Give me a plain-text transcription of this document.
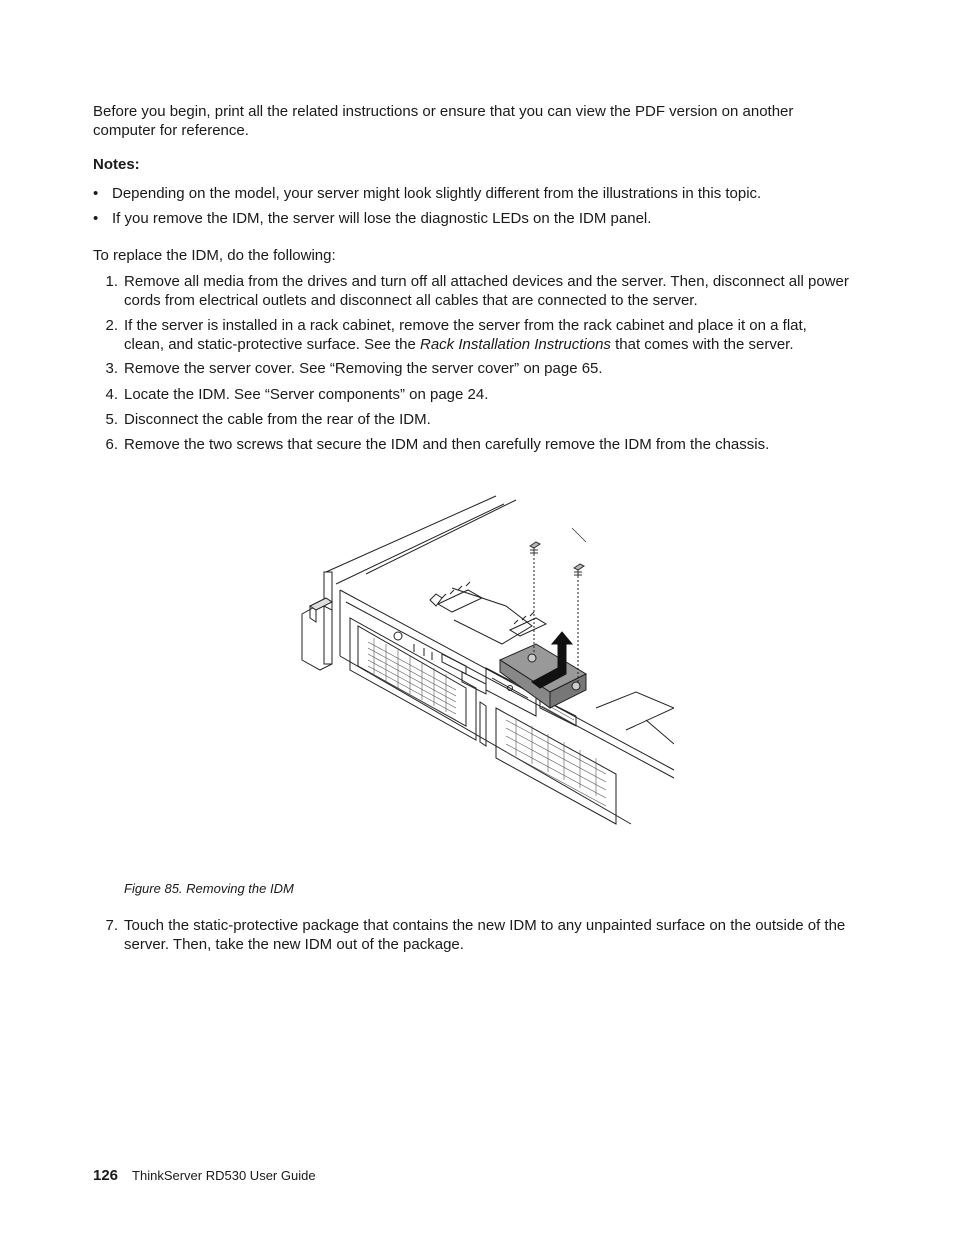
Before you begin, print all the related instructions or ensure that you can view the PDF version on another computer for reference.

Notes:

• Depending on the model, your server might look slightly different from the illustrations in this topic.
• If you remove the IDM, the server will lose the diagnostic LEDs on the IDM panel.

To replace the IDM, do the following:

1. Remove all media from the drives and turn off all attached devices and the server. Then, disconnect all power cords from electrical outlets and disconnect all cables that are connected to the server.
2. If the server is installed in a rack cabinet, remove the server from the rack cabinet and place it on a flat, clean, and static-protective surface. See the Rack Installation Instructions that comes with the server.
3. Remove the server cover. See “Removing the server cover” on page 65.
4. Locate the IDM. See “Server components” on page 24.
5. Disconnect the cable from the rear of the IDM.
6. Remove the two screws that secure the IDM and then carefully remove the IDM from the chassis.
Figure 85. Removing the IDM
7. Touch the static-protective package that contains the new IDM to any unpainted surface on the outside of the server. Then, take the new IDM out of the package.
126 ThinkServer RD530 User Guide
